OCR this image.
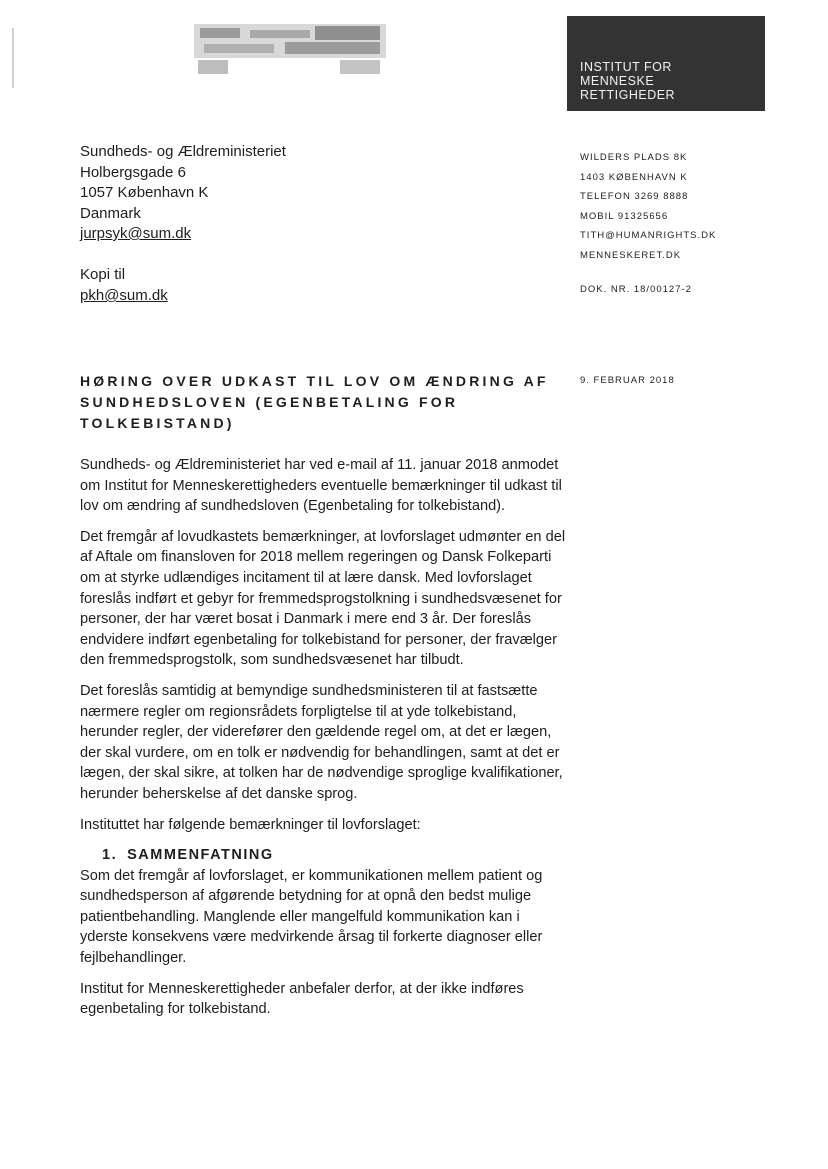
INSTITUT FOR
MENNESKE
RETTIGHEDER
Sundheds- og Ældreministeriet
Holbergsgade 6
1057 København K
Danmark
jurpsyk@sum.dk
Kopi til
pkh@sum.dk
WILDERS PLADS 8K
1403 KØBENHAVN K
TELEFON 3269 8888
MOBIL 91325656
TITH@HUMANRIGHTS.DK
MENNESKERET.DK
DOK. NR. 18/00127-2
HØRING OVER UDKAST TIL LOV OM ÆNDRING AF SUNDHEDSLOVEN (EGENBETALING FOR TOLKEBISTAND)
9. FEBRUAR 2018

Sundheds- og Ældreministeriet har ved e-mail af 11. januar 2018 anmodet om Institut for Menneskerettigheders eventuelle bemærkninger til udkast til lov om ændring af sundhedsloven (Egenbetaling for tolkebistand).

Det fremgår af lovudkastets bemærkninger, at lovforslaget udmønter en del af Aftale om finansloven for 2018 mellem regeringen og Dansk Folkeparti om at styrke udlændiges incitament til at lære dansk. Med lovforslaget foreslås indført et gebyr for fremmedsprogstolkning i sundhedsvæsenet for personer, der har været bosat i Danmark i mere end 3 år. Der foreslås endvidere indført egenbetaling for tolkebistand for personer, der fravælger den fremmedsprogstolk, som sundhedsvæsenet har tilbudt.

Det foreslås samtidig at bemyndige sundhedsministeren til at fastsætte nærmere regler om regionsrådets forpligtelse til at yde tolkebistand, herunder regler, der viderefører den gældende regel om, at det er lægen, der skal vurdere, om en tolk er nødvendig for behandlingen, samt at det er lægen, der skal sikre, at tolken har de nødvendige sproglige kvalifikationer, herunder beherskelse af det danske sprog.

Instituttet har følgende bemærkninger til lovforslaget:

1. SAMMENFATNING

Som det fremgår af lovforslaget, er kommunikationen mellem patient og sundhedsperson af afgørende betydning for at opnå den bedst mulige patientbehandling. Manglende eller mangelfuld kommunikation kan i yderste konsekvens være medvirkende årsag til forkerte diagnoser eller fejlbehandlinger.

Institut for Menneskerettigheder anbefaler derfor, at der ikke indføres egenbetaling for tolkebistand.
